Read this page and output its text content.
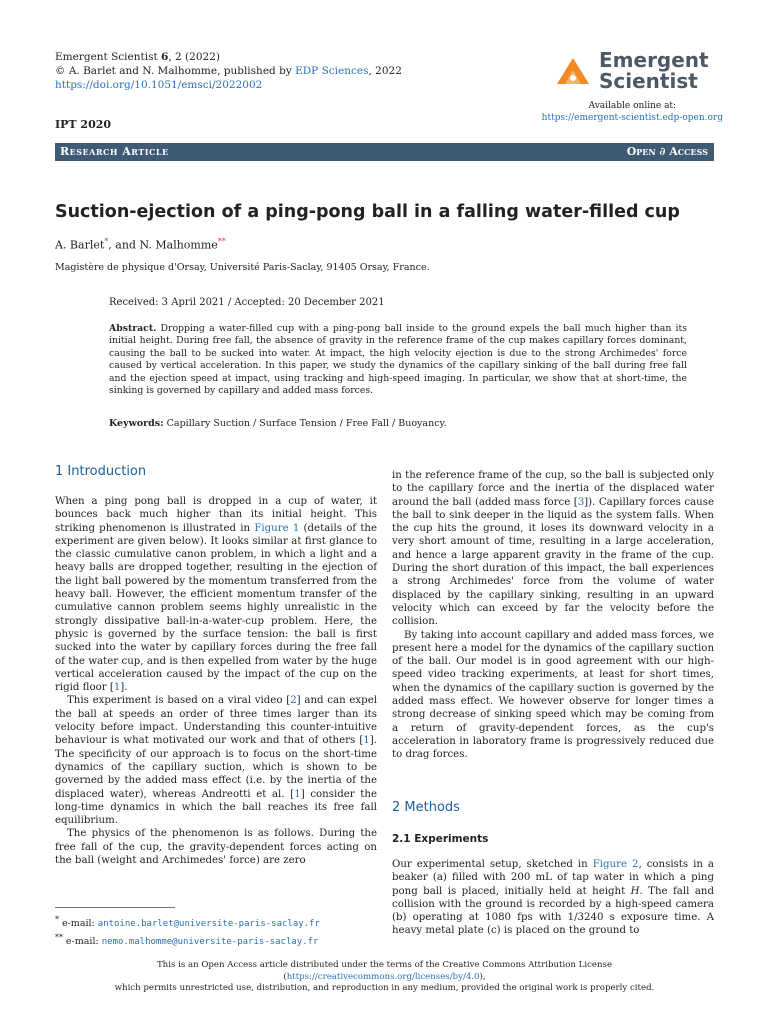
Emergent Scientist 6, 2 (2022)
© A. Barlet and N. Malhomme, published by EDP Sciences, 2022
https://doi.org/10.1051/emsci/2022002
Emergent
Scientist
Available online at:
https://emergent-scientist.edp-open.org
IPT 2020
Research Article	Open ∂ Access
Suction-ejection of a ping-pong ball in a falling water-filled cup
A. Barlet*, and N. Malhomme**
Magistère de physique d'Orsay, Université Paris-Saclay, 91405 Orsay, France.
Received: 3 April 2021 / Accepted: 20 December 2021
Abstract. Dropping a water-filled cup with a ping-pong ball inside to the ground expels the ball much higher than its initial height. During free fall, the absence of gravity in the reference frame of the cup makes capillary forces dominant, causing the ball to be sucked into water. At impact, the high velocity ejection is due to the strong Archimedes' force caused by vertical acceleration. In this paper, we study the dynamics of the capillary sinking of the ball during free fall and the ejection speed at impact, using tracking and high-speed imaging. In particular, we show that at short-time, the sinking is governed by capillary and added mass forces.
Keywords: Capillary Suction / Surface Tension / Free Fall / Buoyancy.
1 Introduction

When a ping pong ball is dropped in a cup of water, it bounces back much higher than its initial height. This striking phenomenon is illustrated in Figure 1 (details of the experiment are given below). It looks similar at first glance to the classic cumulative canon problem, in which a light and a heavy balls are dropped together, resulting in the ejection of the light ball powered by the momentum transferred from the heavy ball. However, the efficient momentum transfer of the cumulative cannon problem seems highly unrealistic in the strongly dissipative ball-in-a-water-cup problem. Here, the physic is governed by the surface tension: the ball is first sucked into the water by capillary forces during the free fall of the water cup, and is then expelled from water by the huge vertical acceleration caused by the impact of the cup on the rigid floor [1].

This experiment is based on a viral video [2] and can expel the ball at speeds an order of three times larger than its velocity before impact. Understanding this counter-intuitive behaviour is what motivated our work and that of others [1]. The specificity of our approach is to focus on the short-time dynamics of the capillary suction, which is shown to be governed by the added mass effect (i.e. by the inertia of the displaced water), whereas Andreotti et al. [1] consider the long-time dynamics in which the ball reaches its free fall equilibrium.

The physics of the phenomenon is as follows. During the free fall of the cup, the gravity-dependent forces acting on the ball (weight and Archimedes' force) are zero

in the reference frame of the cup, so the ball is subjected only to the capillary force and the inertia of the displaced water around the ball (added mass force [3]). Capillary forces cause the ball to sink deeper in the liquid as the system falls. When the cup hits the ground, it loses its downward velocity in a very short amount of time, resulting in a large acceleration, and hence a large apparent gravity in the frame of the cup. During the short duration of this impact, the ball experiences a strong Archimedes' force from the volume of water displaced by the capillary sinking, resulting in an upward velocity which can exceed by far the velocity before the collision.

By taking into account capillary and added mass forces, we present here a model for the dynamics of the capillary suction of the ball. Our model is in good agreement with our high-speed video tracking experiments, at least for short times, when the dynamics of the capillary suction is governed by the added mass effect. We however observe for longer times a strong decrease of sinking speed which may be coming from a return of gravity-dependent forces, as the cup's acceleration in laboratory frame is progressively reduced due to drag forces.

2 Methods
2.1 Experiments

Our experimental setup, sketched in Figure 2, consists in a beaker (a) filled with 200 mL of tap water in which a ping pong ball is placed, initially held at height H. The fall and collision with the ground is recorded by a high-speed camera (b) operating at 1080 fps with 1/3240 s exposure time. A heavy metal plate (c) is placed on the ground to

* e-mail: antoine.barlet@universite-paris-saclay.fr
** e-mail: nemo.malhomme@universite-paris-saclay.fr
This is an Open Access article distributed under the terms of the Creative Commons Attribution License (https://creativecommons.org/licenses/by/4.0),
which permits unrestricted use, distribution, and reproduction in any medium, provided the original work is properly cited.
